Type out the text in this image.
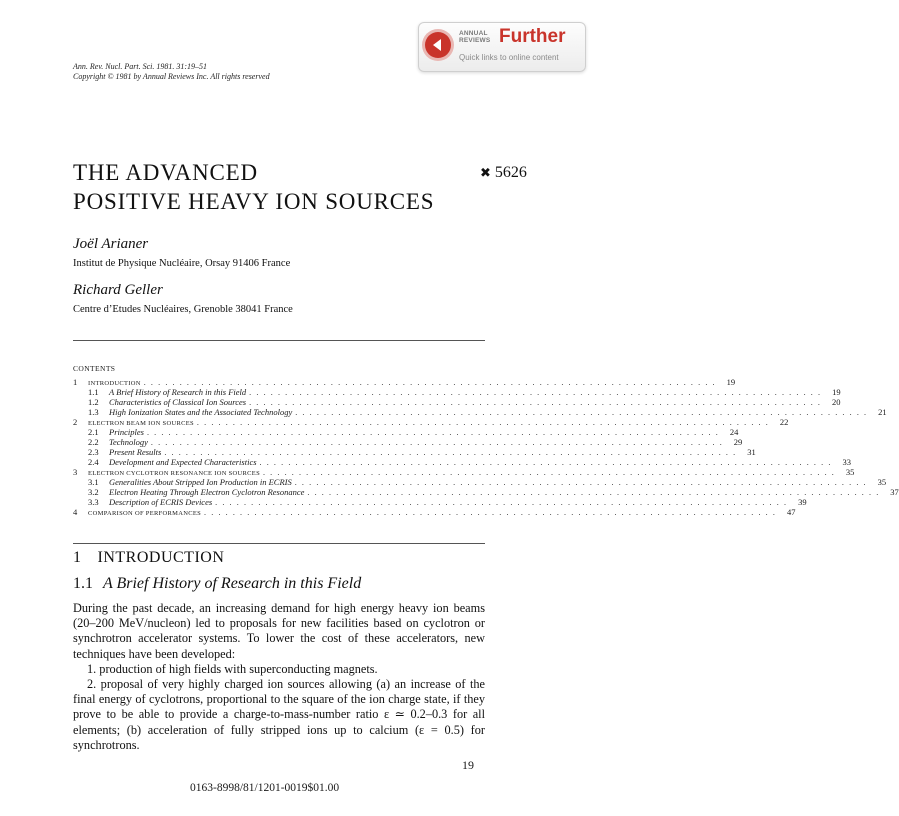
Ann. Rev. Nucl. Part. Sci. 1981. 31:19–51
Copyright © 1981 by Annual Reviews Inc. All rights reserved
ANNUAL
REVIEWS Further
Quick links to online content
THE ADVANCED
POSITIVE HEAVY ION SOURCES
✖ 5626
Joël Arianer
Institut de Physique Nucléaire, Orsay 91406 France
Richard Geller
Centre d’Etudes Nucléaires, Grenoble 38041 France
CONTENTS
1	INTRODUCTION . . . . . . . . . . . . . . . . . . . . . . . . . . . . . . . . . . . . . . . . . . . . . . . . . . . . . . . . . . . . . . . . . . . . . . . . . . . . . . . .	19
1.1	A Brief History of Research in this Field . . . . . . . . . . . . . . . . . . . . . . . . . . . . . . . . . . . . . . . . . . . . . . . . . . . . . . . . . . . . . . . . . . . . . . . . . . . . . . . .	19
1.2	Characteristics of Classical Ion Sources . . . . . . . . . . . . . . . . . . . . . . . . . . . . . . . . . . . . . . . . . . . . . . . . . . . . . . . . . . . . . . . . . . . . . . . . . . . . . . . .	20
1.3	High Ionization States and the Associated Technology . . . . . . . . . . . . . . . . . . . . . . . . . . . . . . . . . . . . . . . . . . . . . . . . . . . . . . . . . . . . . . . . . . . . . . . . . . . . . . . .	21
2	ELECTRON BEAM ION SOURCES . . . . . . . . . . . . . . . . . . . . . . . . . . . . . . . . . . . . . . . . . . . . . . . . . . . . . . . . . . . . . . . . . . . . . . . . . . . . . . . .	22
2.1	Principles . . . . . . . . . . . . . . . . . . . . . . . . . . . . . . . . . . . . . . . . . . . . . . . . . . . . . . . . . . . . . . . . . . . . . . . . . . . . . . . .	24
2.2	Technology . . . . . . . . . . . . . . . . . . . . . . . . . . . . . . . . . . . . . . . . . . . . . . . . . . . . . . . . . . . . . . . . . . . . . . . . . . . . . . . .	29
2.3	Present Results . . . . . . . . . . . . . . . . . . . . . . . . . . . . . . . . . . . . . . . . . . . . . . . . . . . . . . . . . . . . . . . . . . . . . . . . . . . . . . . .	31
2.4	Development and Expected Characteristics . . . . . . . . . . . . . . . . . . . . . . . . . . . . . . . . . . . . . . . . . . . . . . . . . . . . . . . . . . . . . . . . . . . . . . . . . . . . . . . .	33
3	ELECTRON CYCLOTRON RESONANCE ION SOURCES . . . . . . . . . . . . . . . . . . . . . . . . . . . . . . . . . . . . . . . . . . . . . . . . . . . . . . . . . . . . . . . . . . . . . . . . . . . . . . . .	35
3.1	Generalities About Stripped Ion Production in ECRIS . . . . . . . . . . . . . . . . . . . . . . . . . . . . . . . . . . . . . . . . . . . . . . . . . . . . . . . . . . . . . . . . . . . . . . . . . . . . . . . .	35
3.2	Electron Heating Through Electron Cyclotron Resonance . . . . . . . . . . . . . . . . . . . . . . . . . . . . . . . . . . . . . . . . . . . . . . . . . . . . . . . . . . . . . . . . . . . . . . . . . . . . . . . .	37
3.3	Description of ECRIS Devices . . . . . . . . . . . . . . . . . . . . . . . . . . . . . . . . . . . . . . . . . . . . . . . . . . . . . . . . . . . . . . . . . . . . . . . . . . . . . . . .	39
4	COMPARISON OF PERFORMANCES . . . . . . . . . . . . . . . . . . . . . . . . . . . . . . . . . . . . . . . . . . . . . . . . . . . . . . . . . . . . . . . . . . . . . . . . . . . . . . . .	47
1 INTRODUCTION
1.1 A Brief History of Research in this Field

During the past decade, an increasing demand for high energy heavy ion beams (20–200 MeV/nucleon) led to proposals for new facilities based on cyclotron or synchrotron accelerator systems. To lower the cost of these accelerators, new techniques have been developed:

1. production of high fields with superconducting magnets.

2. proposal of very highly charged ion sources allowing (a) an increase of the final energy of cyclotrons, proportional to the square of the ion charge state, if they prove to be able to provide a charge-to-mass-number ratio ε ≃ 0.2–0.3 for all elements; (b) acceleration of fully stripped ions up to calcium (ε = 0.5) for synchrotrons.

19
0163-8998/81/1201-0019$01.00
